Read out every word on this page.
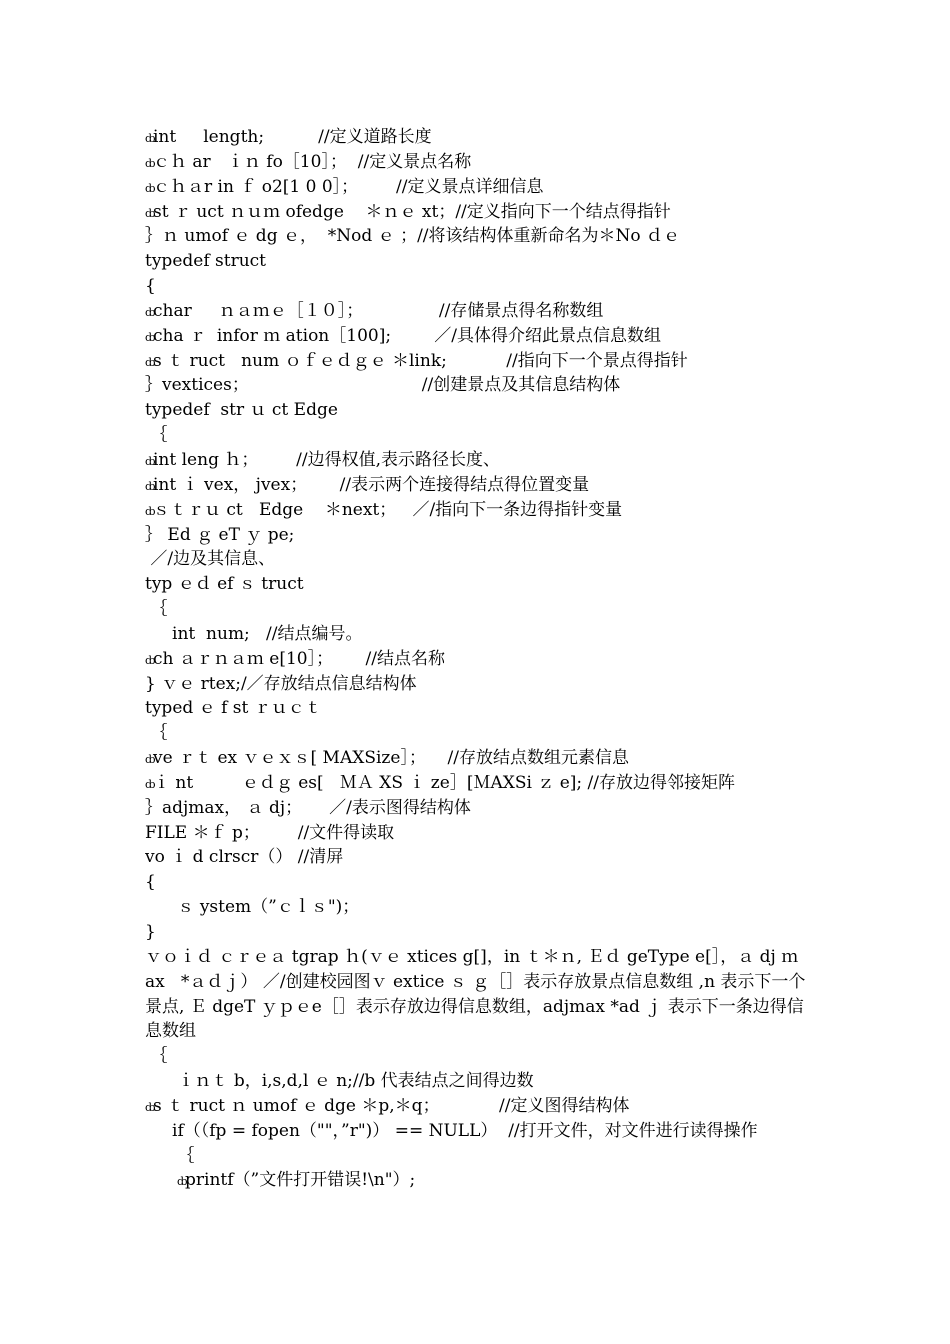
ȸint     length;          //定义道路长度
ȸｃｈ ar   ｉｎ fo［10］；  //定义景点名称
ȸｃｈａr in ｆ o2[1 0 0］；       //定义景点详细信息
ȸst ｒ uct ｎｕｍ ofedge    ＊ｎｅ xt；//定义指向下一个结点得指针
｝ｎ umof ｅ dg ｅ，  *Nod ｅ ；//将该结构体重新命名为＊No ｄｅ
typedef struct
{
ȸchar     ｎａｍｅ［１０］；              //存储景点得名称数组
ȸcha ｒ  infor ｍ ation［100];        ／/具体得介绍此景点信息数组
ȸs ｔ ruct   num ｏｆｅｄｇｅ ＊link;           //指向下一个景点得指针
｝vextices；                                //创建景点及其信息结构体
typedef  str ｕ ct Edge
｛
ȸint leng ｈ；       //边得权值,表示路径长度、
ȸint ｉ vex， jvex；      //表示两个连接得结点得位置变量
ȸｓｔｒｕ ct   Edge    ＊next；   ／/指向下一条边得指针变量
｝ Ed ｇ eT ｙ pe;
／/边及其信息、
typ ｅｄ ef ｓ truct
｛
int  num;   //结点编号。
ȸch ａｒｎａｍ e[10］；      //结点名称
} ｖｅ rtex;/／存放结点信息结构体
typed ｅ f st ｒｕｃｔ
｛
ȸve ｒｔ ex ｖｅｘｓ[ MAXSize］；    //存放结点数组元素信息
ȸｉ nt         ｅｄｇ es[   ＭＡ XS ｉ ze］[ＭAXSi ｚ e]; //存放边得邻接矩阵
｝adjmax， ａ dj；     ／/表示图得结构体
FILE ＊ｆ p；       //文件得读取
vo ｉ d clrscr（） //清屏
{
ｓ ystem（”ｃｌｓ")；
}
ｖｏｉｄ ｃｒｅａ tgrap ｈ(ｖｅ xtices g[]，in ｔ＊ｎ, Ｅｄ geType e[］，ａ dj ｍ ax   *ａｄｊ） ／/创建校园图ｖ extice ｓ ｇ［］表示存放景点信息数组 ,n 表示下一个景点, Ｅ dgeT ｙｐｅe［］表示存放边得信息数组，adjmax *ad ｊ 表示下一条边得信息数组
｛
ｉｎｔ b，i,s,d,l ｅ n;//b 代表结点之间得边数
ȸs ｔ ruct ｎ umof ｅ dge ＊p,＊q；           //定义图得结构体
if（（fp = fopen（""，”r")） == NULL）  //打开文件，对文件进行读得操作
｛
ȸprintf（”文件打开错误!\n"）;
